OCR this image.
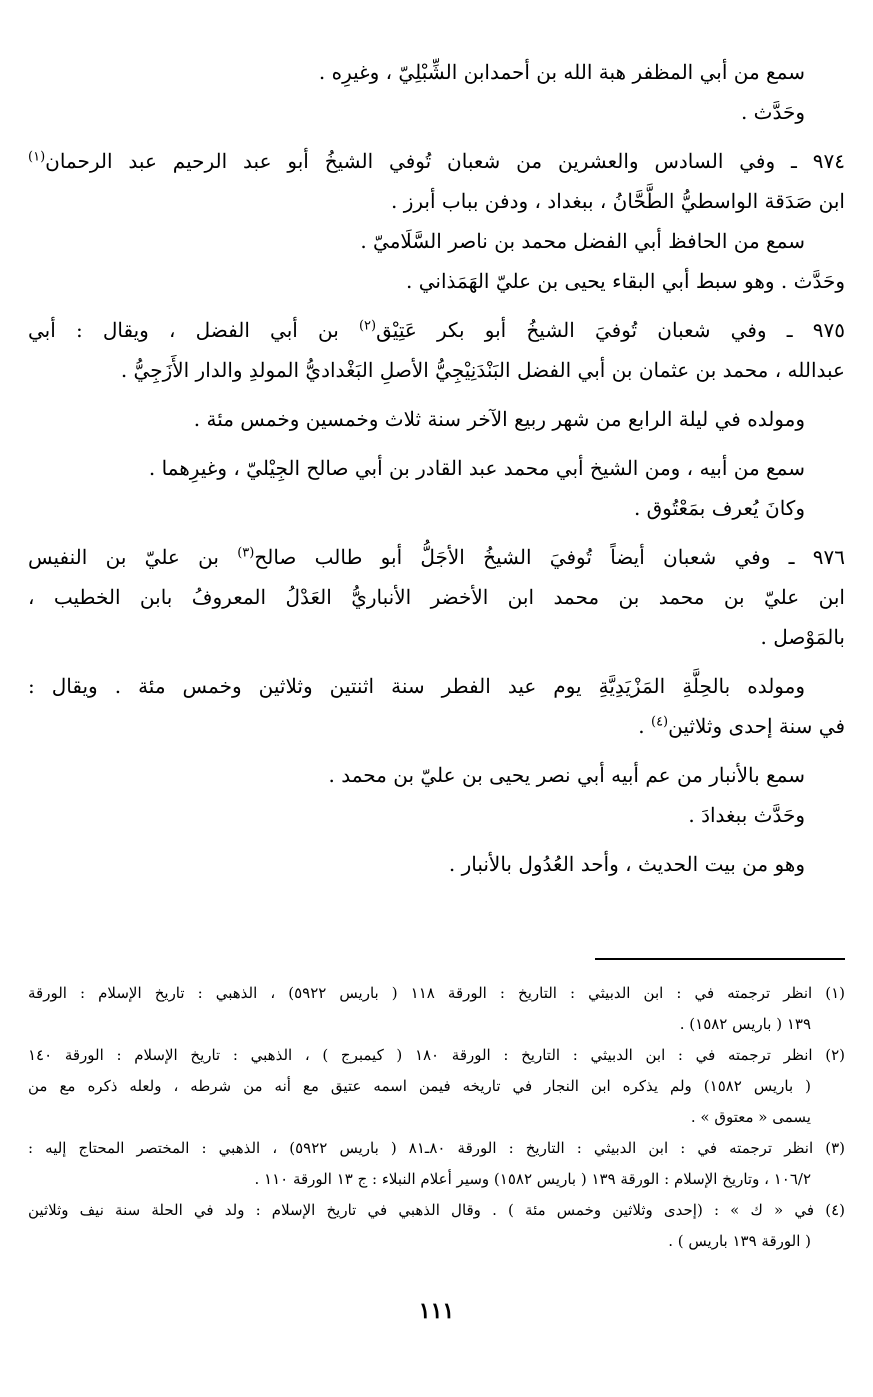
سمع من أبي المظفر هبة الله بن أحمدابن الشِّبْلِيّ ، وغيرِه .
وحَدَّث .
٩٧٤ ـ وفي السادس والعشرين من شعبان تُوفي الشيخُ أبو عبد الرحيم عبد الرحمان$^{(١)}$
ابن صَدَقة الواسطيُّ الطَّحَّانُ ، ببغداد ، ودفن بباب أبرز .
سمع من الحافظ أبي الفضل محمد بن ناصر السَّلَاميّ .
وحَدَّث . وهو سبط أبي البقاء يحيى بن عليّ الهَمَذاني .
٩٧٥ ـ وفي شعبان تُوفيَ الشيخُ أبو بكر عَتِيْق$^{(٢)}$ بن أبي الفضل ، ويقال : أبي
عبدالله ، محمد بن عثمان بن أبي الفضل البَنْدَنِيْجِيُّ الأصلِ البَغْداديُّ المولدِ والدار الأَزَجِيُّ .
ومولده في ليلة الرابع من شهر ربيع الآخر سنة ثلاث وخمسين وخمس مئة .
سمع من أبيه ، ومن الشيخ أبي محمد عبد القادر بن أبي صالح الجِيْليّ ، وغيرِهما .
وكانَ يُعرف بمَعْتُوق .
٩٧٦ ـ وفي شعبان أيضاً تُوفيَ الشيخُ الأجَلُّ أبو طالب صالح$^{(٣)}$ بن عليّ بن النفيس
ابن عليّ بن محمد بن محمد ابن الأخضر الأنباريُّ العَدْلُ المعروفُ بابن الخطيب ،
بالمَوْصل .
ومولده بالحِلَّةِ المَزْيَدِيَّةِ يوم عيد الفطر سنة اثنتين وثلاثين وخمس مئة . ويقال :
في سنة إحدى وثلاثين$^{(٤)}$ .
سمع بالأنبار من عم أبيه أبي نصر يحيى بن عليّ بن محمد .
وحَدَّث ببغدادَ .
وهو من بيت الحديث ، وأحد العُدُول بالأنبار .
(١) انظر ترجمته في : ابن الدبيثي : التاريخ : الورقة ١١٨ ( باريس ٥٩٢٢) ، الذهبي : تاريخ الإسلام : الورقة
١٣٩ ( باريس ١٥٨٢) .
(٢) انظر ترجمته في : ابن الدبيثي : التاريخ : الورقة ١٨٠ ( كيمبرج ) ، الذهبي : تاريخ الإسلام : الورقة ١٤٠
( باريس ١٥٨٢) ولم يذكره ابن النجار في تاريخه فيمن اسمه عتيق مع أنه من شرطه ، ولعله ذكره مع من
يسمى « معتوق » .
(٣) انظر ترجمته في : ابن الدبيثي : التاريخ : الورقة ٨٠ـ٨١ ( باريس ٥٩٢٢) ، الذهبي : المختصر المحتاج إليه :
١٠٦/٢ ، وتاريخ الإسلام : الورقة ١٣٩ ( باريس ١٥٨٢) وسير أعلام النبلاء : ج ١٣ الورقة ١١٠ .
(٤) في « ك » : (إحدى وثلاثين وخمس مئة ) . وقال الذهبي في تاريخ الإسلام : ولد في الحلة سنة نيف وثلاثين
( الورقة ١٣٩ باريس ) .
١١١
